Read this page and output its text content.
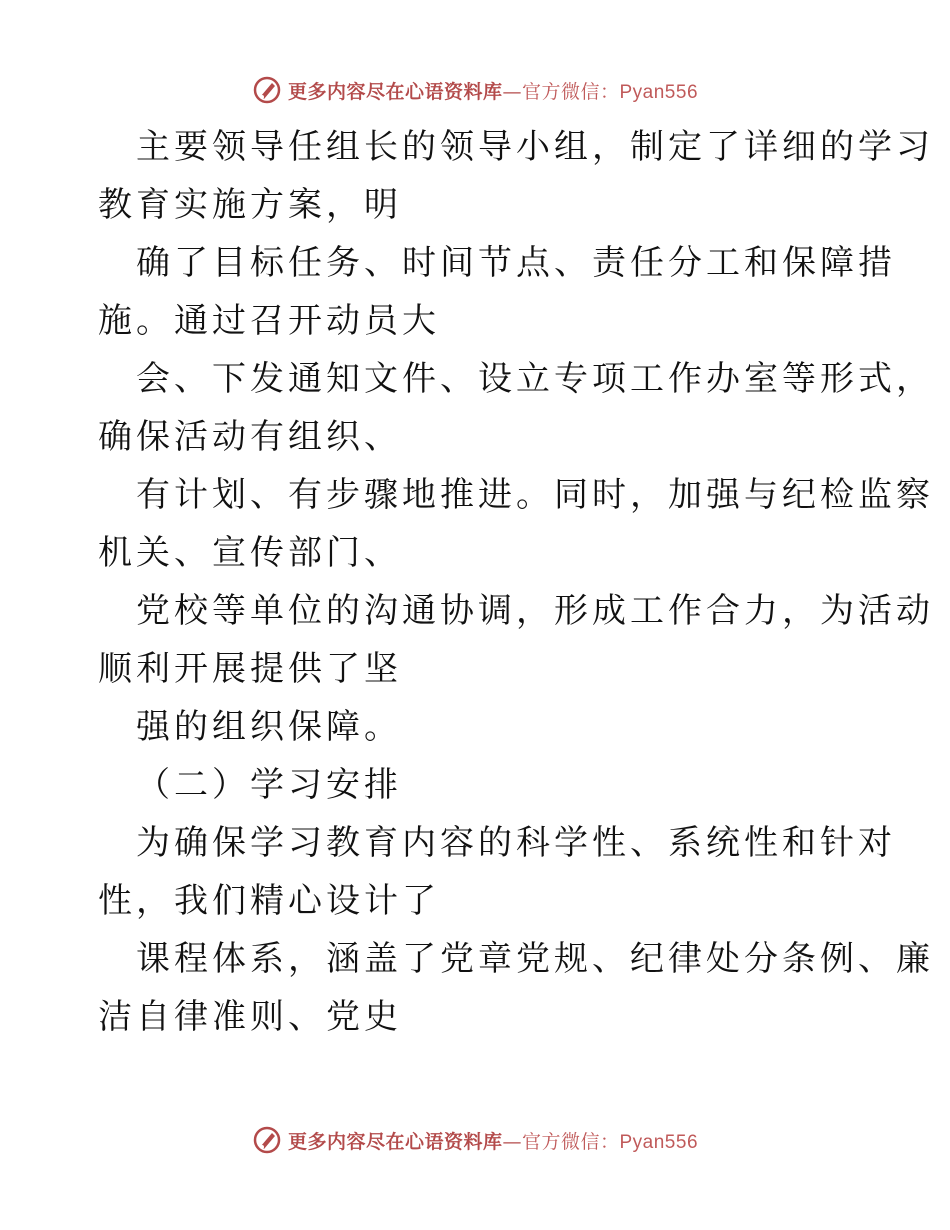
更多内容尽在心语资料库—官方微信：Pyan556
主要领导任组长的领导小组，制定了详细的学习
教育实施方案，明
确了目标任务、时间节点、责任分工和保障措
施。通过召开动员大
会、下发通知文件、设立专项工作办室等形式，
确保活动有组织、
有计划、有步骤地推进。同时，加强与纪检监察
机关、宣传部门、
党校等单位的沟通协调，形成工作合力，为活动
顺利开展提供了坚
强的组织保障。
（二）学习安排
为确保学习教育内容的科学性、系统性和针对
性，我们精心设计了
课程体系，涵盖了党章党规、纪律处分条例、廉
洁自律准则、党史
更多内容尽在心语资料库—官方微信：Pyan556
